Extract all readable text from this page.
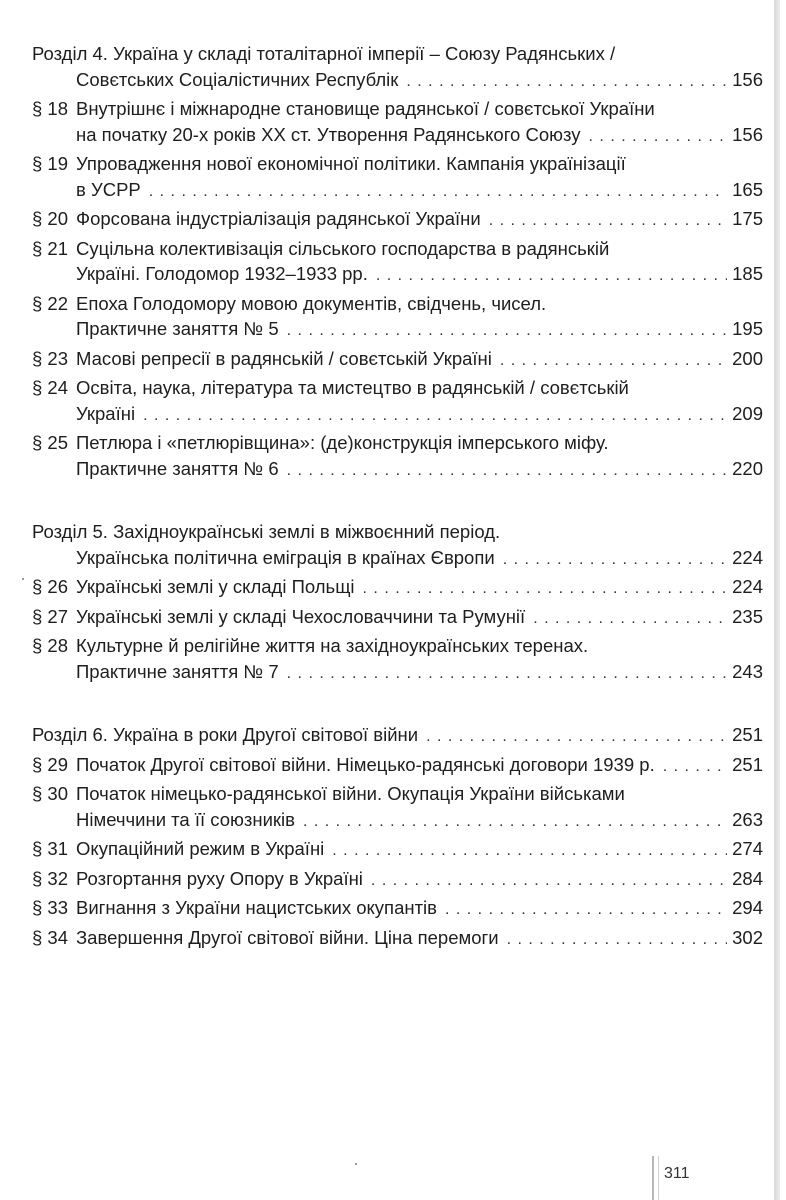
Розділ 4. Україна у складі тоталітарної імперії – Союзу Радянських /
Совєтських Соціалістичних Республік . . .	156
§ 18 Внутрішнє і міжнародне становище радянської / совєтської України
на початку 20-х років ХХ ст. Утворення Радянського Союзу . . .	156
§ 19 Упровадження нової економічної політики. Кампанія українізації
в УСРР . . .	165
§ 20 Форсована індустріалізація радянської України . . .	175
§ 21 Суцільна колективізація сільського господарства в радянській
Україні. Голодомор 1932–1933 рр. . . .	185
§ 22 Епоха Голодомору мовою документів, свідчень, чисел.
Практичне заняття № 5 . . .	195
§ 23 Масові репресії в радянській / совєтській Україні . . .	200
§ 24 Освіта, наука, література та мистецтво в радянській / совєтській
Україні . . .	209
§ 25 Петлюра і «петлюрівщина»: (де)конструкція імперського міфу.
Практичне заняття № 6 . . .	220
Розділ 5. Західноукраїнські землі в міжвоєнний період.
Українська політична еміграція в країнах Європи . . .	224
§ 26 Українські землі у складі Польщі . . .	224
§ 27 Українські землі у складі Чехословаччини та Румунії . . .	235
§ 28 Культурне й релігійне життя на західноукраїнських теренах.
Практичне заняття № 7 . . .	243
Розділ 6.
Україна в роки Другої світової війни . . .	251
§ 29 Початок Другої світової війни. Німецько-радянські договори 1939 р. . . .	251
§ 30 Початок німецько-радянської війни. Окупація України військами
Німеччини та її союзників . . .	263
§ 31 Окупаційний режим в Україні . . .	274
§ 32 Розгортання руху Опору в Україні . . .	284
§ 33 Вигнання з України нацистських окупантів . . .	294
§ 34 Завершення Другої світової війни. Ціна перемоги . . .	302
311
